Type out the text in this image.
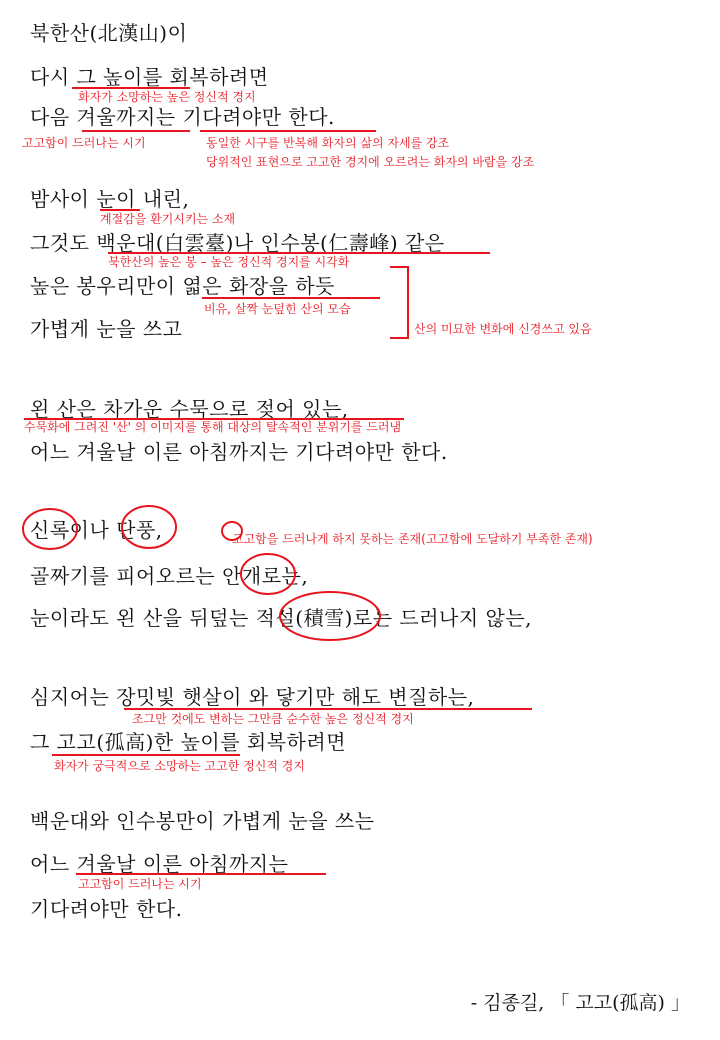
북한산(北漢山)이
다시 그 높이를 회복하려면
다음 겨울까지는 기다려야만 한다.
밤사이 눈이 내린,
그것도 백운대(白雲臺)나 인수봉(仁壽峰) 같은
높은 봉우리만이 엷은 화장을 하듯
가볍게 눈을 쓰고
왼 산은 차가운 수묵으로 젖어 있는,
어느 겨울날 이른 아침까지는 기다려야만 한다.
신록이나 단풍,
골짜기를 피어오르는 안개로는,
눈이라도 왼 산을 뒤덮는 적설(積雪)로는 드러나지 않는,
심지어는 장밋빛 햇살이 와 닿기만 해도 변질하는,
그 고고(孤高)한 높이를 회복하려면
백운대와 인수봉만이 가볍게 눈을 쓰는
어느 겨울날 이른 아침까지는
기다려야만 한다.
- 김종길, 「 고고(孤高) 」
화자가 소망하는 높은 정신적 경지
고고함이 드러나는 시기	동일한 시구를 반복해 화자의 삶의 자세를 강조
당위적인 표현으로 고고한 경지에 오르려는 화자의 바람을 강조
계절감을 환기시키는 소재
북한산의 높은 봉 – 높은 정신적 경지를 시각화
비유, 살짝 눈덮힌 산의 모습
산의 미묘한 변화에 신경쓰고 있음
수묵화에 그려진 '산' 의 이미지를 통해 대상의 탈속적인 분위기를 드러냄
고고함을 드러나게 하지 못하는 존재(고고함에 도달하기 부족한 존재)
조그만 것에도 변하는 그만큼 순수한 높은 정신적 경지
화자가 궁극적으로 소망하는 고고한 정신적 경지
고고함이 드러나는 시기
